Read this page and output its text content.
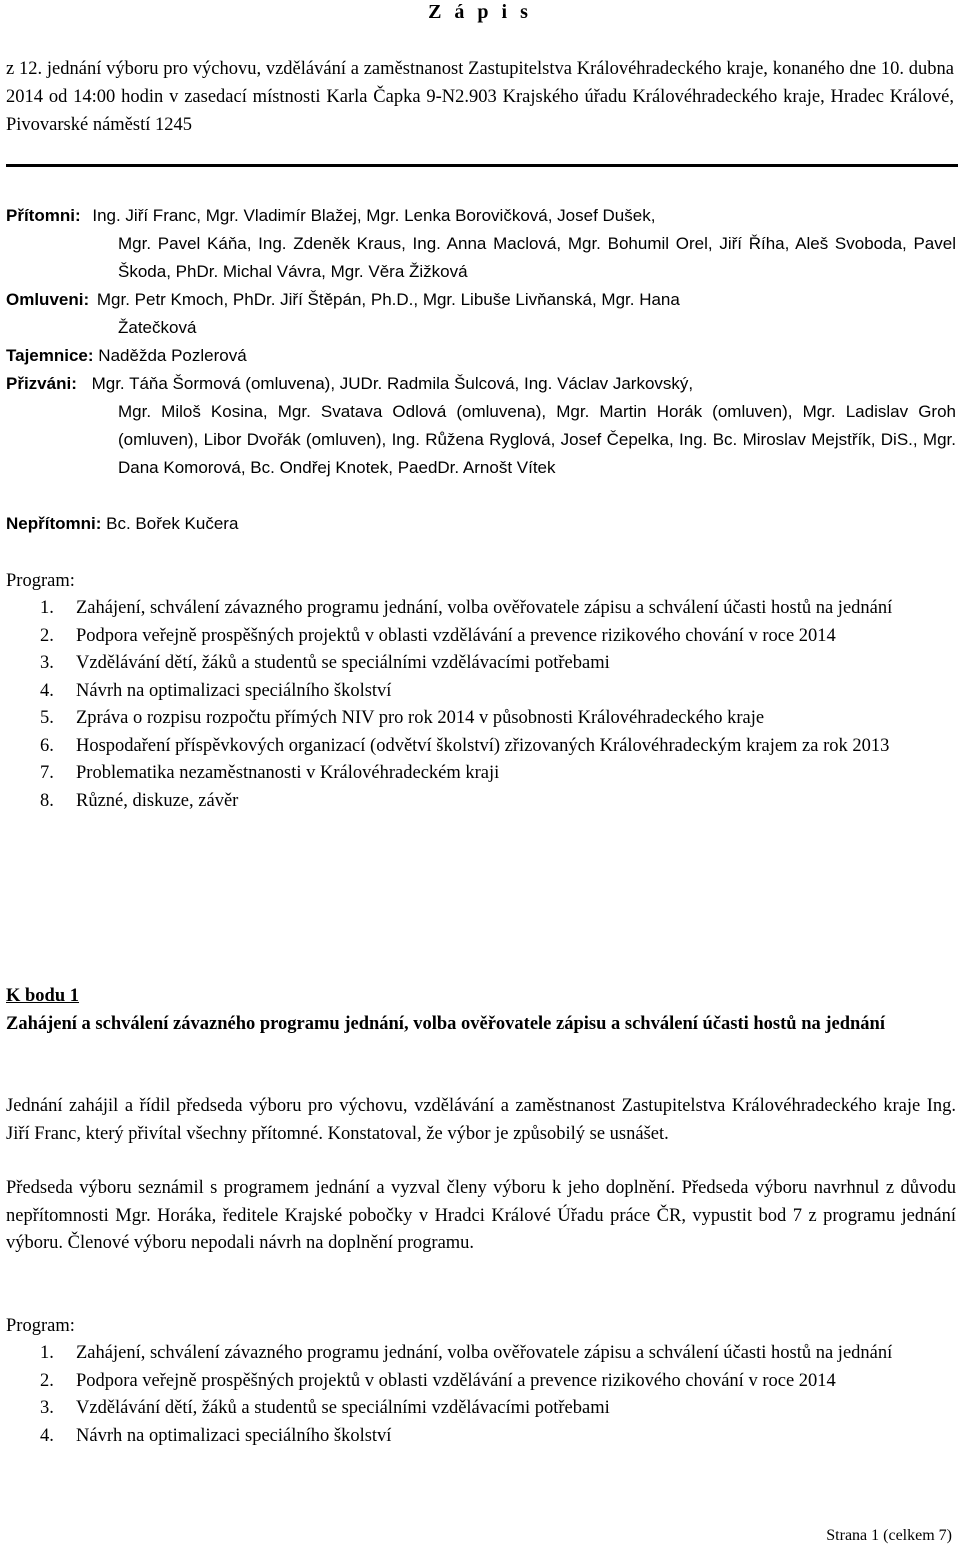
Z á p i s
z 12. jednání výboru pro výchovu, vzdělávání a zaměstnanost Zastupitelstva Královéhradeckého kraje, konaného dne 10. dubna 2014 od 14:00 hodin v zasedací místnosti Karla Čapka 9-N2.903 Krajského úřadu Královéhradeckého kraje, Hradec Králové, Pivovarské náměstí 1245
Přítomni: Ing. Jiří Franc, Mgr. Vladimír Blažej, Mgr. Lenka Borovičková, Josef Dušek,
Mgr. Pavel Káňa, Ing. Zdeněk Kraus, Ing. Anna Maclová, Mgr. Bohumil Orel, Jiří Říha, Aleš Svoboda, Pavel Škoda, PhDr. Michal Vávra, Mgr. Věra Žižková
Omluveni: Mgr. Petr Kmoch, PhDr. Jiří Štěpán, Ph.D., Mgr. Libuše Livňanská, Mgr. Hana
Žatečková
Tajemnice: Naděžda Pozlerová
Přizváni: Mgr. Táňa Šormová (omluvena), JUDr. Radmila Šulcová, Ing. Václav Jarkovský,
Mgr. Miloš Kosina, Mgr. Svatava Odlová (omluvena), Mgr. Martin Horák (omluven), Mgr. Ladislav Groh (omluven), Libor Dvořák (omluven), Ing. Růžena Ryglová, Josef Čepelka, Ing. Bc. Miroslav Mejstřík, DiS., Mgr. Dana Komorová, Bc. Ondřej Knotek, PaedDr. Arnošt Vítek
Nepřítomni: Bc. Bořek Kučera
Program:
1. Zahájení, schválení závazného programu jednání, volba ověřovatele zápisu a schválení účasti hostů na jednání
2. Podpora veřejně prospěšných projektů v oblasti vzdělávání a prevence rizikového chování v roce 2014
3. Vzdělávání dětí, žáků a studentů se speciálními vzdělávacími potřebami
4. Návrh na optimalizaci speciálního školství
5. Zpráva o rozpisu rozpočtu přímých NIV pro rok 2014 v působnosti Královéhradeckého kraje
6. Hospodaření příspěvkových organizací (odvětví školství) zřizovaných Královéhradeckým krajem za rok 2013
7. Problematika nezaměstnanosti v Královéhradeckém kraji
8. Různé, diskuze, závěr
K bodu 1
Zahájení a schválení závazného programu jednání, volba ověřovatele zápisu a schválení účasti hostů na jednání

Jednání zahájil a řídil předseda výboru pro výchovu, vzdělávání a zaměstnanost Zastupitelstva Královéhradeckého kraje Ing. Jiří Franc, který přivítal všechny přítomné. Konstatoval, že výbor je způsobilý se usnášet.

Předseda výboru seznámil s programem jednání a vyzval členy výboru k jeho doplnění. Předseda výboru navrhnul z důvodu nepřítomnosti Mgr. Horáka, ředitele Krajské pobočky v Hradci Králové Úřadu práce ČR, vypustit bod 7 z programu jednání výboru. Členové výboru nepodali návrh na doplnění programu.

Program:
1. Zahájení, schválení závazného programu jednání, volba ověřovatele zápisu a schválení účasti hostů na jednání
2. Podpora veřejně prospěšných projektů v oblasti vzdělávání a prevence rizikového chování v roce 2014
3. Vzdělávání dětí, žáků a studentů se speciálními vzdělávacími potřebami
4. Návrh na optimalizaci speciálního školství
Strana 1 (celkem 7)
